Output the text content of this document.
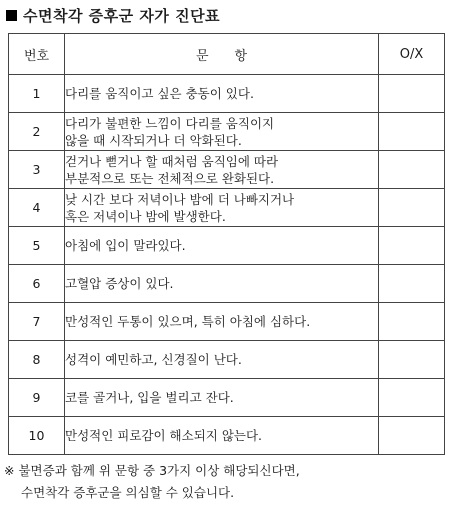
수면착각 증후군 자가 진단표
번호	문항	O/X
1	다리를 움직이고 싶은 충동이 있다.	

2	다리가 불편한 느낌이 다리를 움직이지
않을 때 시작되거나 더 악화된다.	

3	걷거나 뻗거나 할 때처럼 움직임에 따라
부분적으로 또는 전체적으로 완화된다.	

4	낮 시간 보다 저녁이나 밤에 더 나빠지거나
혹은 저녁이나 밤에 발생한다.	

5	아침에 입이 말라있다.	

6	고혈압 증상이 있다.	

7	만성적인 두통이 있으며, 특히 아침에 심하다.	

8	성격이 예민하고, 신경질이 난다.	

9	코를 골거나, 입을 벌리고 잔다.	

10	만성적인 피로감이 해소되지 않는다.	

※ 불면증과 함께 위 문항 중 3가지 이상 해당되신다면,
수면착각 증후군을 의심할 수 있습니다.
